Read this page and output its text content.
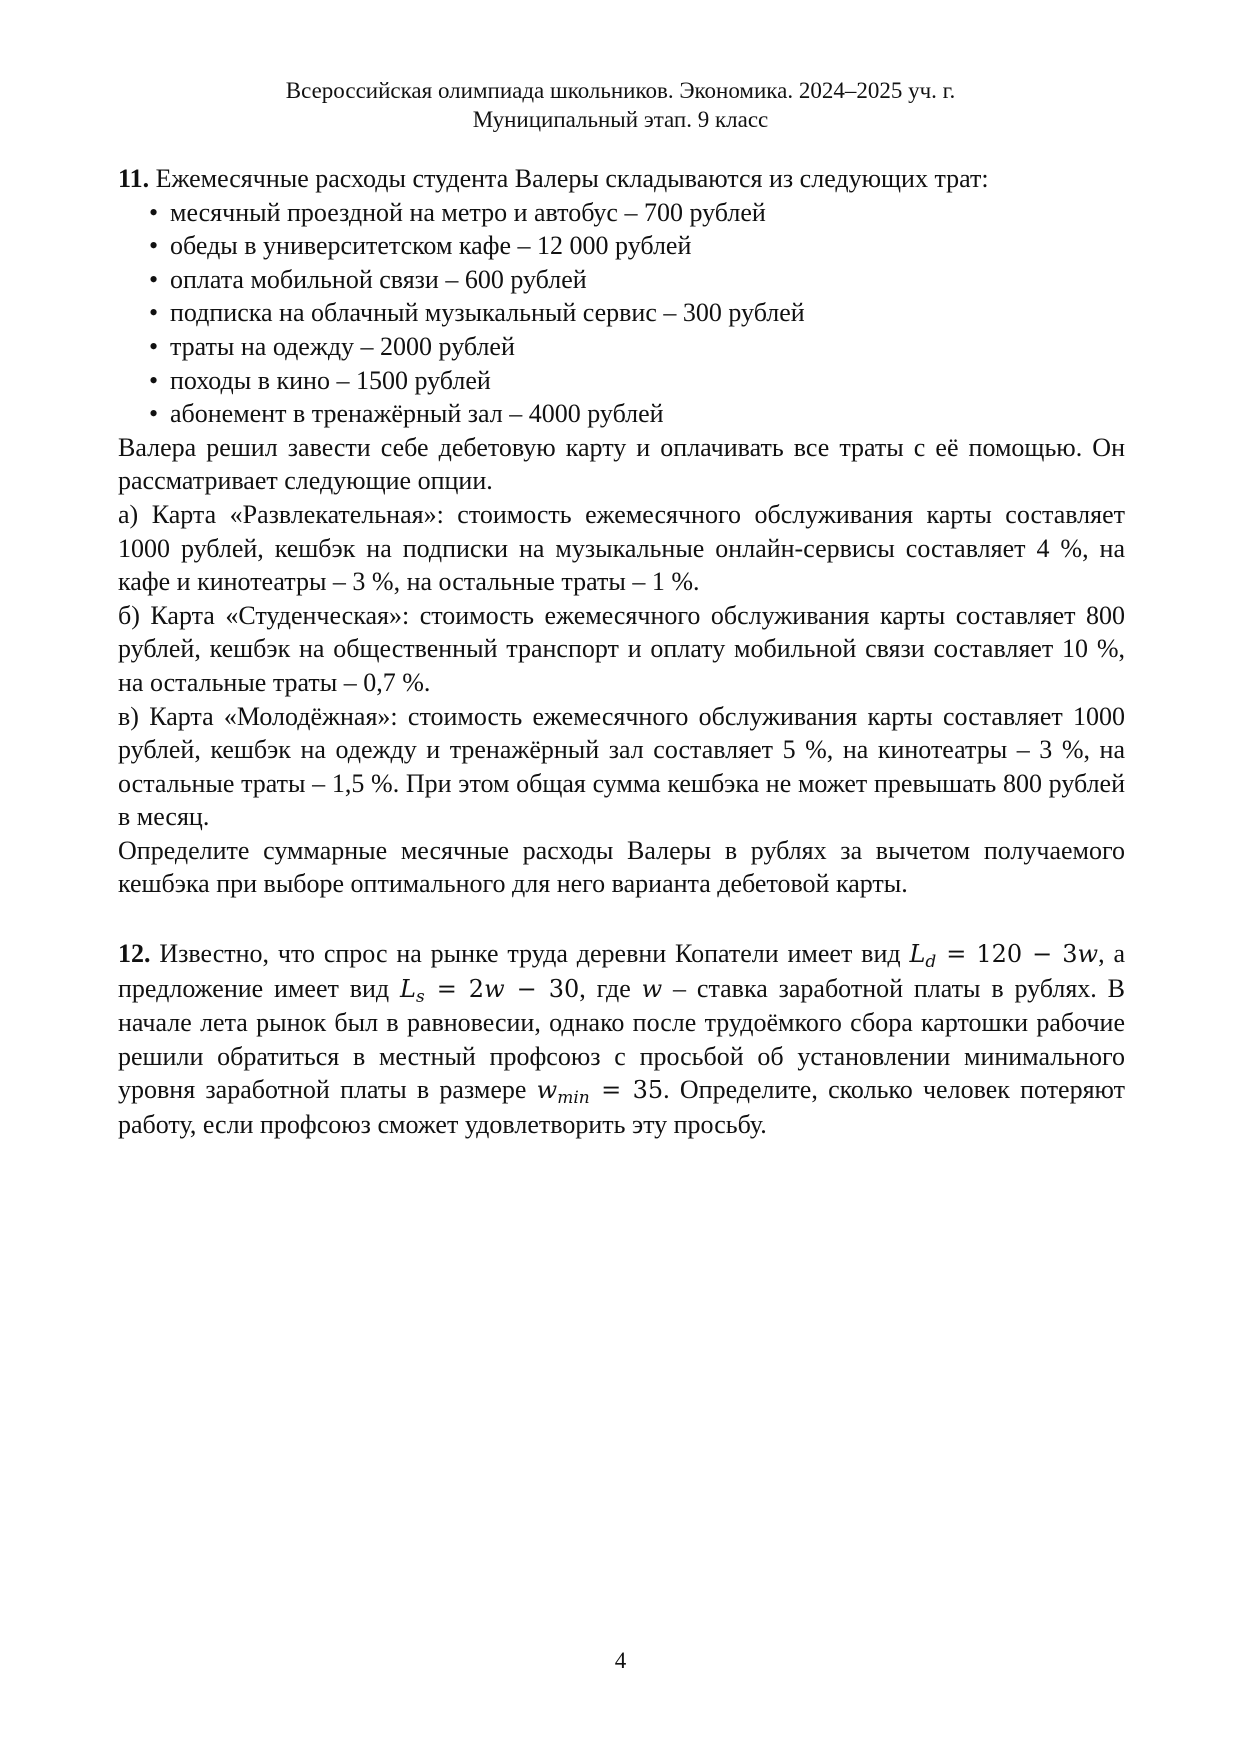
Всероссийская олимпиада школьников. Экономика. 2024–2025 уч. г.
Муниципальный этап. 9 класс

11. Ежемесячные расходы студента Валеры складываются из следующих трат:

• месячный проездной на метро и автобус – 700 рублей
• обеды в университетском кафе – 12 000 рублей
• оплата мобильной связи – 600 рублей
• подписка на облачный музыкальный сервис – 300 рублей
• траты на одежду – 2000 рублей
• походы в кино – 1500 рублей
• абонемент в тренажёрный зал – 4000 рублей

Валера решил завести себе дебетовую карту и оплачивать все траты с её помощью. Он рассматривает следующие опции.

а) Карта «Развлекательная»: стоимость ежемесячного обслуживания карты составляет 1000 рублей, кешбэк на подписки на музыкальные онлайн-сервисы составляет 4 %, на кафе и кинотеатры – 3 %, на остальные траты – 1 %.

б) Карта «Студенческая»: стоимость ежемесячного обслуживания карты составляет 800 рублей, кешбэк на общественный транспорт и оплату мобильной связи составляет 10 %, на остальные траты – 0,7 %.

в) Карта «Молодёжная»: стоимость ежемесячного обслуживания карты составляет 1000 рублей, кешбэк на одежду и тренажёрный зал составляет 5 %, на кинотеатры – 3 %, на остальные траты – 1,5 %. При этом общая сумма кешбэка не может превышать 800 рублей в месяц.

Определите суммарные месячные расходы Валеры в рублях за вычетом получаемого кешбэка при выборе оптимального для него варианта дебетовой карты.

12. Известно, что спрос на рынке труда деревни Копатели имеет вид $L_d = 120 - 3w$, а предложение имеет вид $L_s = 2w - 30$, где w – ставка заработной платы в рублях. В начале лета рынок был в равновесии, однако после трудоёмкого сбора картошки рабочие решили обратиться в местный профсоюз с просьбой об установлении минимального уровня заработной платы в размере $w_{min} = 35$. Определите, сколько человек потеряют работу, если профсоюз сможет удовлетворить эту просьбу.

4
